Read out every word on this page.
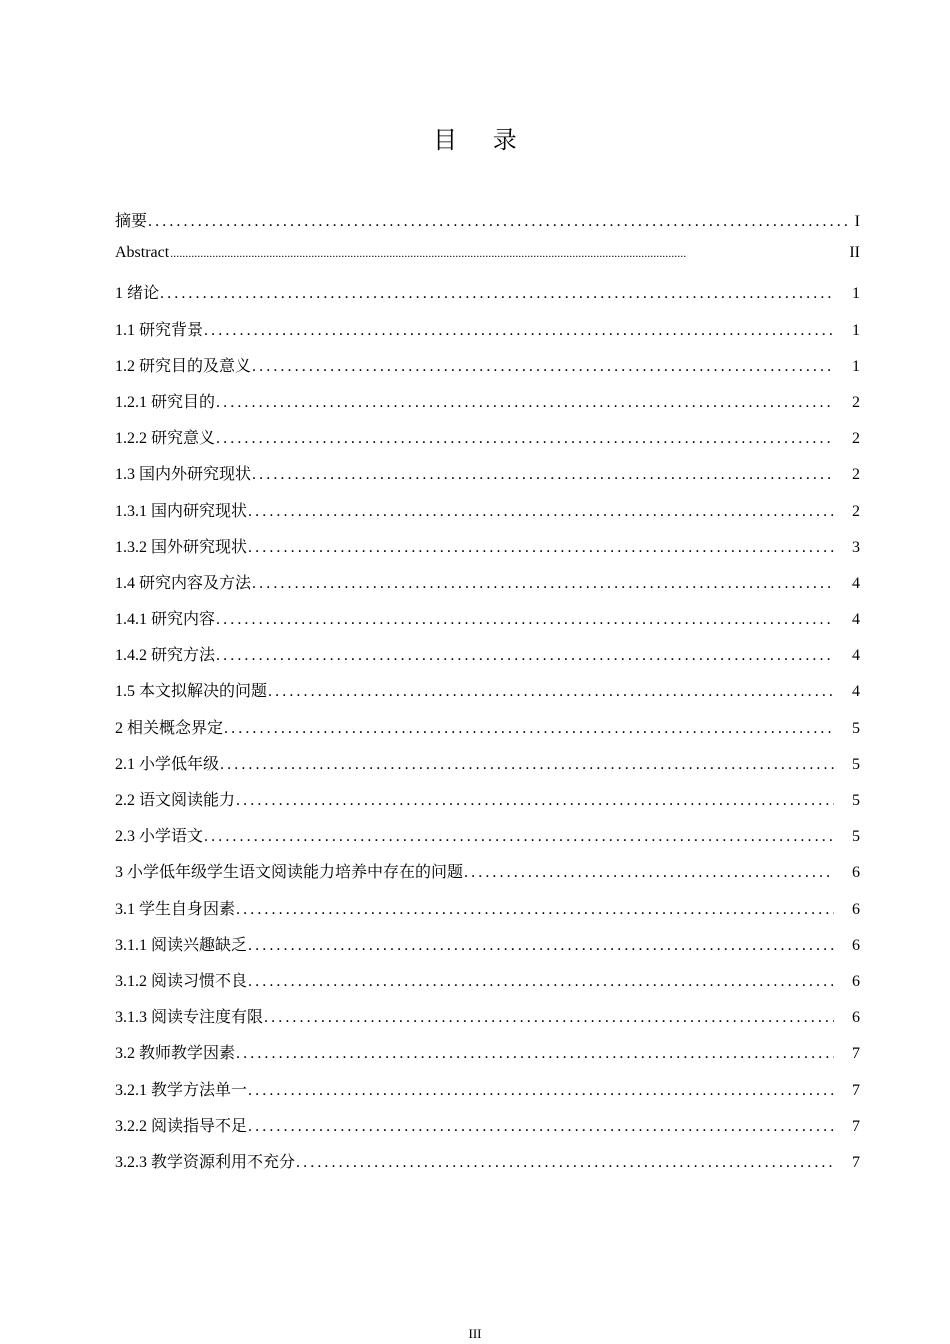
目 录
摘要 .....	I
Abstract .....	II
1 绪论 .....	1
1.1 研究背景 .....	1
1.2 研究目的及意义 .....	1
1.2.1 研究目的 .....	2
1.2.2 研究意义 .....	2
1.3 国内外研究现状 .....	2
1.3.1 国内研究现状 .....	2
1.3.2 国外研究现状 .....	3
1.4 研究内容及方法 .....	4
1.4.1 研究内容 .....	4
1.4.2 研究方法 .....	4
1.5 本文拟解决的问题 .....	4
2 相关概念界定 .....	5
2.1 小学低年级 .....	5
2.2 语文阅读能力 .....	5
2.3 小学语文 .....	5
3 小学低年级学生语文阅读能力培养中存在的问题 .....	6
3.1 学生自身因素 .....	6
3.1.1 阅读兴趣缺乏 .....	6
3.1.2 阅读习惯不良 .....	6
3.1.3 阅读专注度有限 .....	6
3.2 教师教学因素 .....	7
3.2.1 教学方法单一 .....	7
3.2.2 阅读指导不足 .....	7
3.2.3 教学资源利用不充分 .....	7
III
